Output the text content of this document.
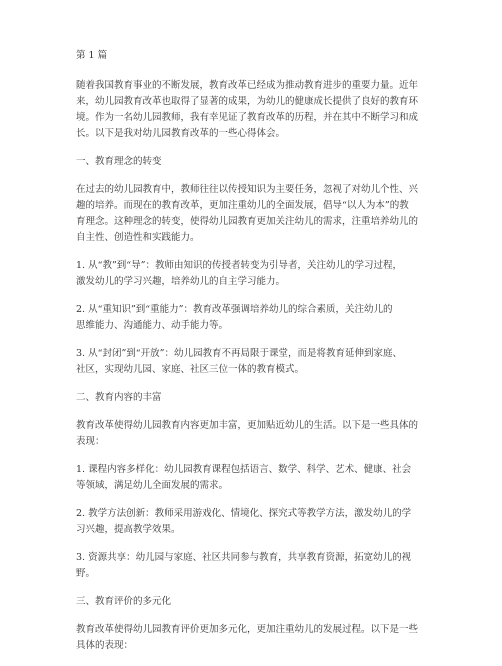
第 1 篇

随着我国教育事业的不断发展，教育改革已经成为推动教育进步的重要力量。近年
来，幼儿园教育改革也取得了显著的成果，为幼儿的健康成长提供了良好的教育环
境。作为一名幼儿园教师，我有幸见证了教育改革的历程，并在其中不断学习和成
长。以下是我对幼儿园教育改革的一些心得体会。

一、教育理念的转变

在过去的幼儿园教育中，教师往往以传授知识为主要任务，忽视了对幼儿个性、兴
趣的培养。而现在的教育改革，更加注重幼儿的全面发展，倡导“以人为本”的教
育理念。这种理念的转变，使得幼儿园教育更加关注幼儿的需求，注重培养幼儿的
自主性、创造性和实践能力。

1. 从“教”到“导”：教师由知识的传授者转变为引导者，关注幼儿的学习过程，
激发幼儿的学习兴趣，培养幼儿的自主学习能力。

2. 从“重知识”到“重能力”：教育改革强调培养幼儿的综合素质，关注幼儿的
思维能力、沟通能力、动手能力等。

3. 从“封闭”到“开放”：幼儿园教育不再局限于课堂，而是将教育延伸到家庭、
社区，实现幼儿园、家庭、社区三位一体的教育模式。

二、教育内容的丰富

教育改革使得幼儿园教育内容更加丰富，更加贴近幼儿的生活。以下是一些具体的
表现：

1. 课程内容多样化：幼儿园教育课程包括语言、数学、科学、艺术、健康、社会
等领域，满足幼儿全面发展的需求。

2. 教学方法创新：教师采用游戏化、情境化、探究式等教学方法，激发幼儿的学
习兴趣，提高教学效果。

3. 资源共享：幼儿园与家庭、社区共同参与教育，共享教育资源，拓宽幼儿的视
野。

三、教育评价的多元化

教育改革使得幼儿园教育评价更加多元化，更加注重幼儿的发展过程。以下是一些
具体的表现：
